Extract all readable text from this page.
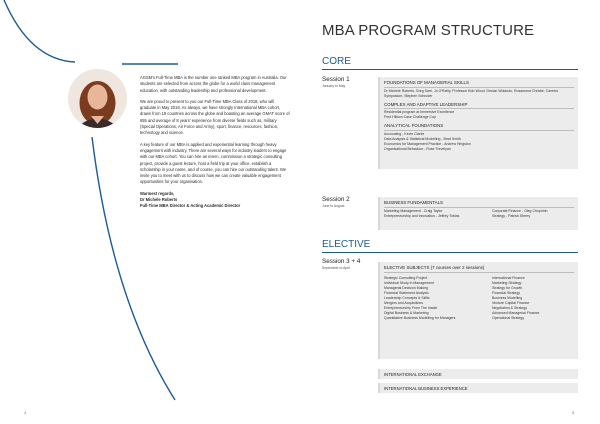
AGSM's Full-Time MBA is the number one ranked MBA program in Australia. Our students are selected from across the globe for a world class management education, with outstanding leadership and professional development.

We are proud to present to you our Full-Time MBA Class of 2018, who will graduate in May 2019. As always, we have strongly International MBA cohort, drawn from 19 countries across the globe and boasting an average GMAT score of 655 and average of 8 years' experience from diverse fields such as, military (Special Operations, Air Force and Army), sport, finance, resources, fashion, technology and science.

A key feature of our MBA is applied and experiential learning through heavy engagement with industry. There are several ways for industry leaders to engage with our MBA cohort. You can hire an intern, commission a strategic consulting project, provide a guest lecture, host a field trip at your office, establish a scholarship in your name, and of course, you can hire our outstanding talent. We invite you to meet with us to discuss how we can create valuable engagement opportunities for your organisation.

Warmest regards,
Dr Michele Roberts
Full-Time MBA Director & Acting Academic Director
4
MBA PROGRAM STRUCTURE
CORE
Session 1
January to May
FOUNDATIONS OF MANAGERIAL SKILLS
Dr Michele Roberts, Greg Sarri, Jo O'Reilly, Professor Bob Wood, Declan Wolando, Rosamond Christie, Careers Symposium, Stephen Schroder
COMPLEX AND ADAPTIVE LEADERSHIP
Residential program at Immersive Excellence
Fred Hillson Case Challenge Cup
ANALYTICAL FOUNDATIONS
Accounting - Kevin Clarke
Data Analysis & Statistical Modelling - Brad Smith
Economics for Management Practice - Andrew Hingston
Organisational Behaviour - Rose Trevelyan
Session 2
June to August
BUSINESS FUNDAMENTALS
Marketing Management - Craig Taylor
Entrepreneurship and Innovation - Jeffrey Tobias
Corporate Finance - Oleg Chuprinin
Strategy - Patrick Sherry
ELECTIVE
Session 3 + 4
September to April	ELECTIVE SUBJECTS (7 courses over 2 sessions)
Strategic Consulting Project
Individual Study in Management
Managerial Decision Making
Financial Statement Analysis
Leadership Concepts & Skills
Mergers and Acquisitions
Entrepreneurship From The Inside
Digital Business & Marketing
Quantitative Business Modelling for Managers
International Finance
Marketing Strategy
Strategy for Growth
Financial Strategy
Business Modelling
Venture Capital Finance
Negotiation & Strategy
Advanced Managerial Finance
Operational Strategy
INTERNATIONAL EXCHANGE
INTERNATIONAL BUSINESS EXPERIENCE
5
